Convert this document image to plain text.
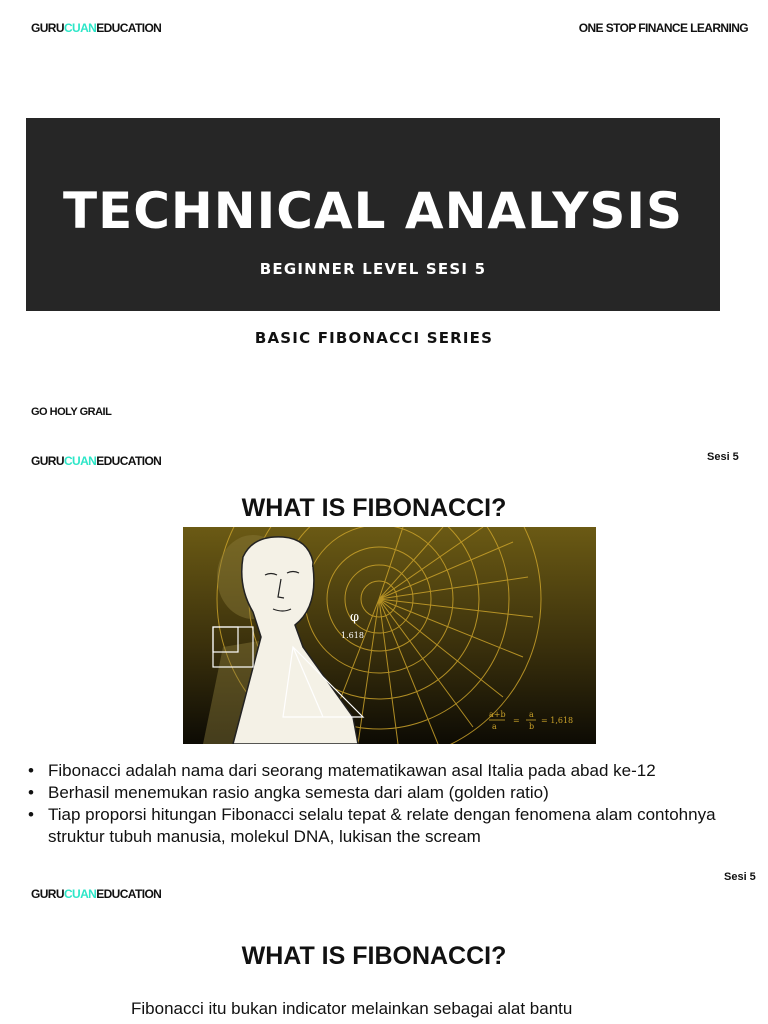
GURUCUANEDUCATION	ONE STOP FINANCE LEARNING
TECHNICAL ANALYSIS
BEGINNER LEVEL SESI 5
BASIC FIBONACCI SERIES
GO HOLY GRAIL
GURUCUANEDUCATION	Sesi 5
WHAT IS FIBONACCI?
φ
1.618
a+b
a
=
a
b
= 1,618
• Fibonacci adalah nama dari seorang matematikawan asal Italia pada abad ke-12
• Berhasil menemukan rasio angka semesta dari alam (golden ratio)
• Tiap proporsi hitungan Fibonacci selalu tepat & relate dengan fenomena alam contohnya struktur tubuh manusia, molekul DNA, lukisan the scream
GURUCUANEDUCATION
Sesi 5
WHAT IS FIBONACCI?
Fibonacci itu bukan indicator melainkan sebagai alat bantu
